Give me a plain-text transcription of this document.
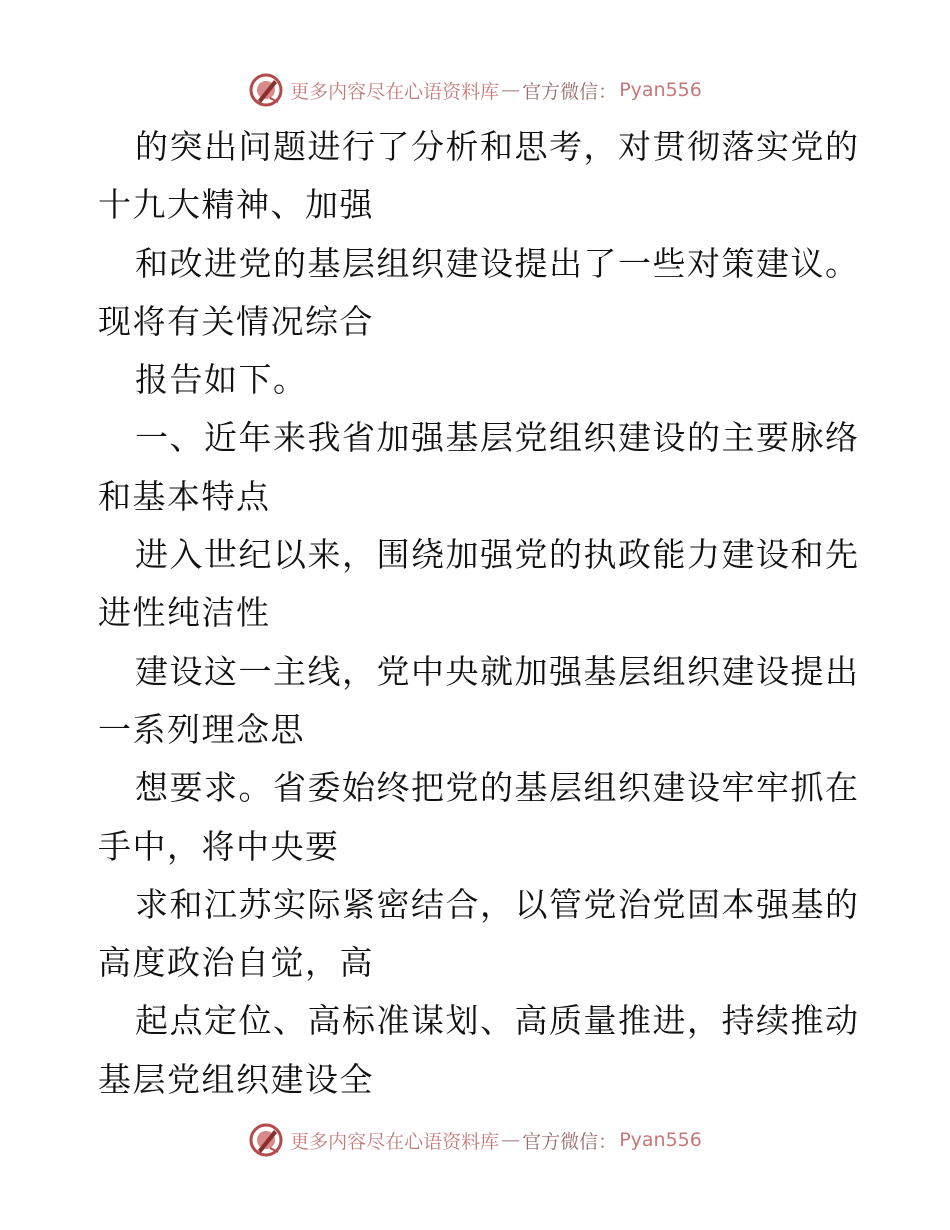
更多内容尽在心语资料库 — 官方微信： Pyan556
的突出问题进行了分析和思考，对贯彻落实党的
十九大精神、加强
和改进党的基层组织建设提出了一些对策建议。
现将有关情况综合
报告如下。
一、近年来我省加强基层党组织建设的主要脉络
和基本特点
进入世纪以来，围绕加强党的执政能力建设和先
进性纯洁性
建设这一主线，党中央就加强基层组织建设提出
一系列理念思
想要求。省委始终把党的基层组织建设牢牢抓在
手中，将中央要
求和江苏实际紧密结合，以管党治党固本强基的
高度政治自觉，高
起点定位、高标准谋划、高质量推进，持续推动
基层党组织建设全
更多内容尽在心语资料库 — 官方微信： Pyan556
